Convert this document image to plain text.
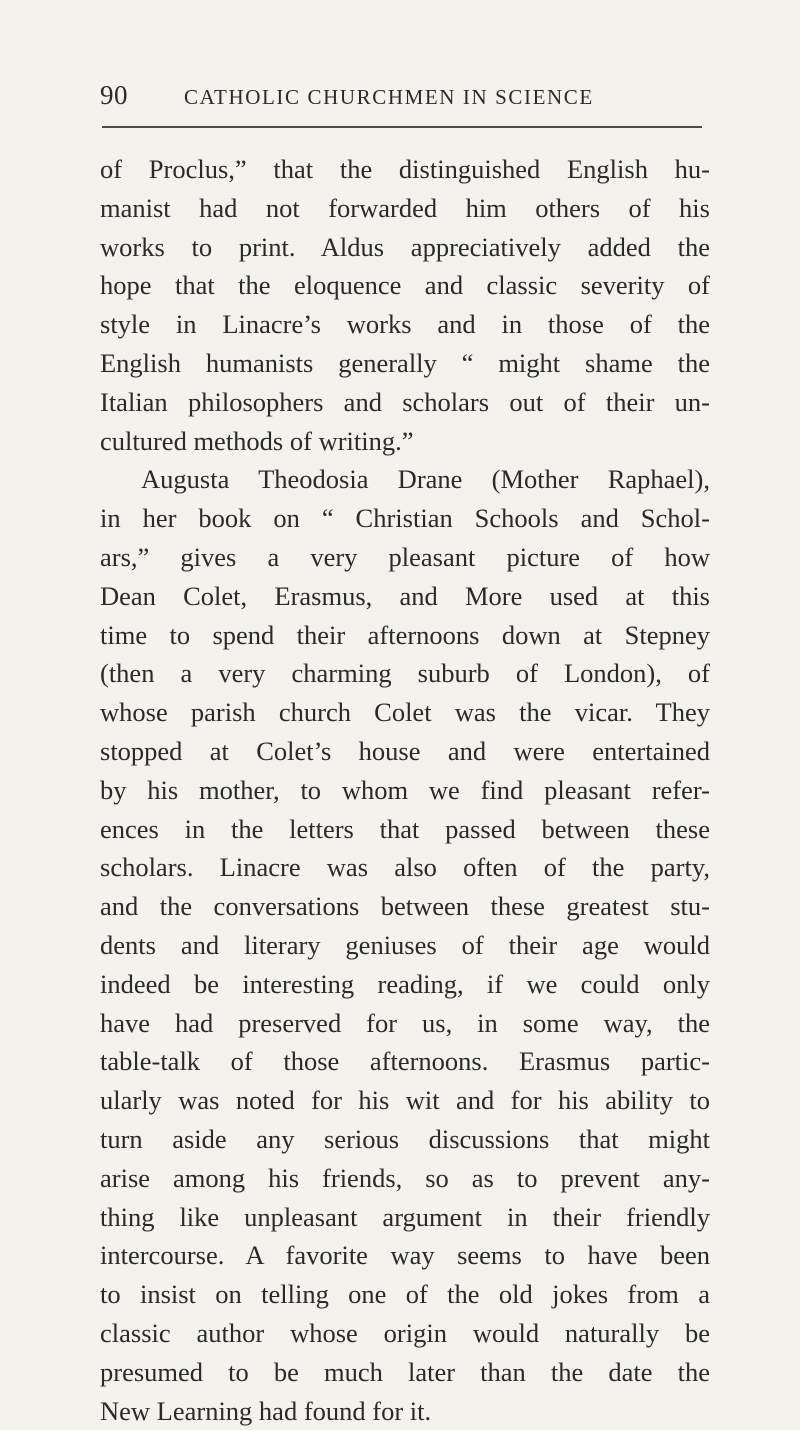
90	CATHOLIC CHURCHMEN IN SCIENCE
of Proclus,” that the distinguished English hu-
manist had not forwarded him others of his
works to print. Aldus appreciatively added the
hope that the eloquence and classic severity of
style in Linacre’s works and in those of the
English humanists generally “ might shame the
Italian philosophers and scholars out of their un-
cultured methods of writing.”
Augusta Theodosia Drane (Mother Raphael),
in her book on “ Christian Schools and Schol-
ars,” gives a very pleasant picture of how
Dean Colet, Erasmus, and More used at this
time to spend their afternoons down at Stepney
(then a very charming suburb of London), of
whose parish church Colet was the vicar. They
stopped at Colet’s house and were entertained
by his mother, to whom we find pleasant refer-
ences in the letters that passed between these
scholars. Linacre was also often of the party,
and the conversations between these greatest stu-
dents and literary geniuses of their age would
indeed be interesting reading, if we could only
have had preserved for us, in some way, the
table-talk of those afternoons. Erasmus partic-
ularly was noted for his wit and for his ability to
turn aside any serious discussions that might
arise among his friends, so as to prevent any-
thing like unpleasant argument in their friendly
intercourse. A favorite way seems to have been
to insist on telling one of the old jokes from a
classic author whose origin would naturally be
presumed to be much later than the date the
New Learning had found for it.
